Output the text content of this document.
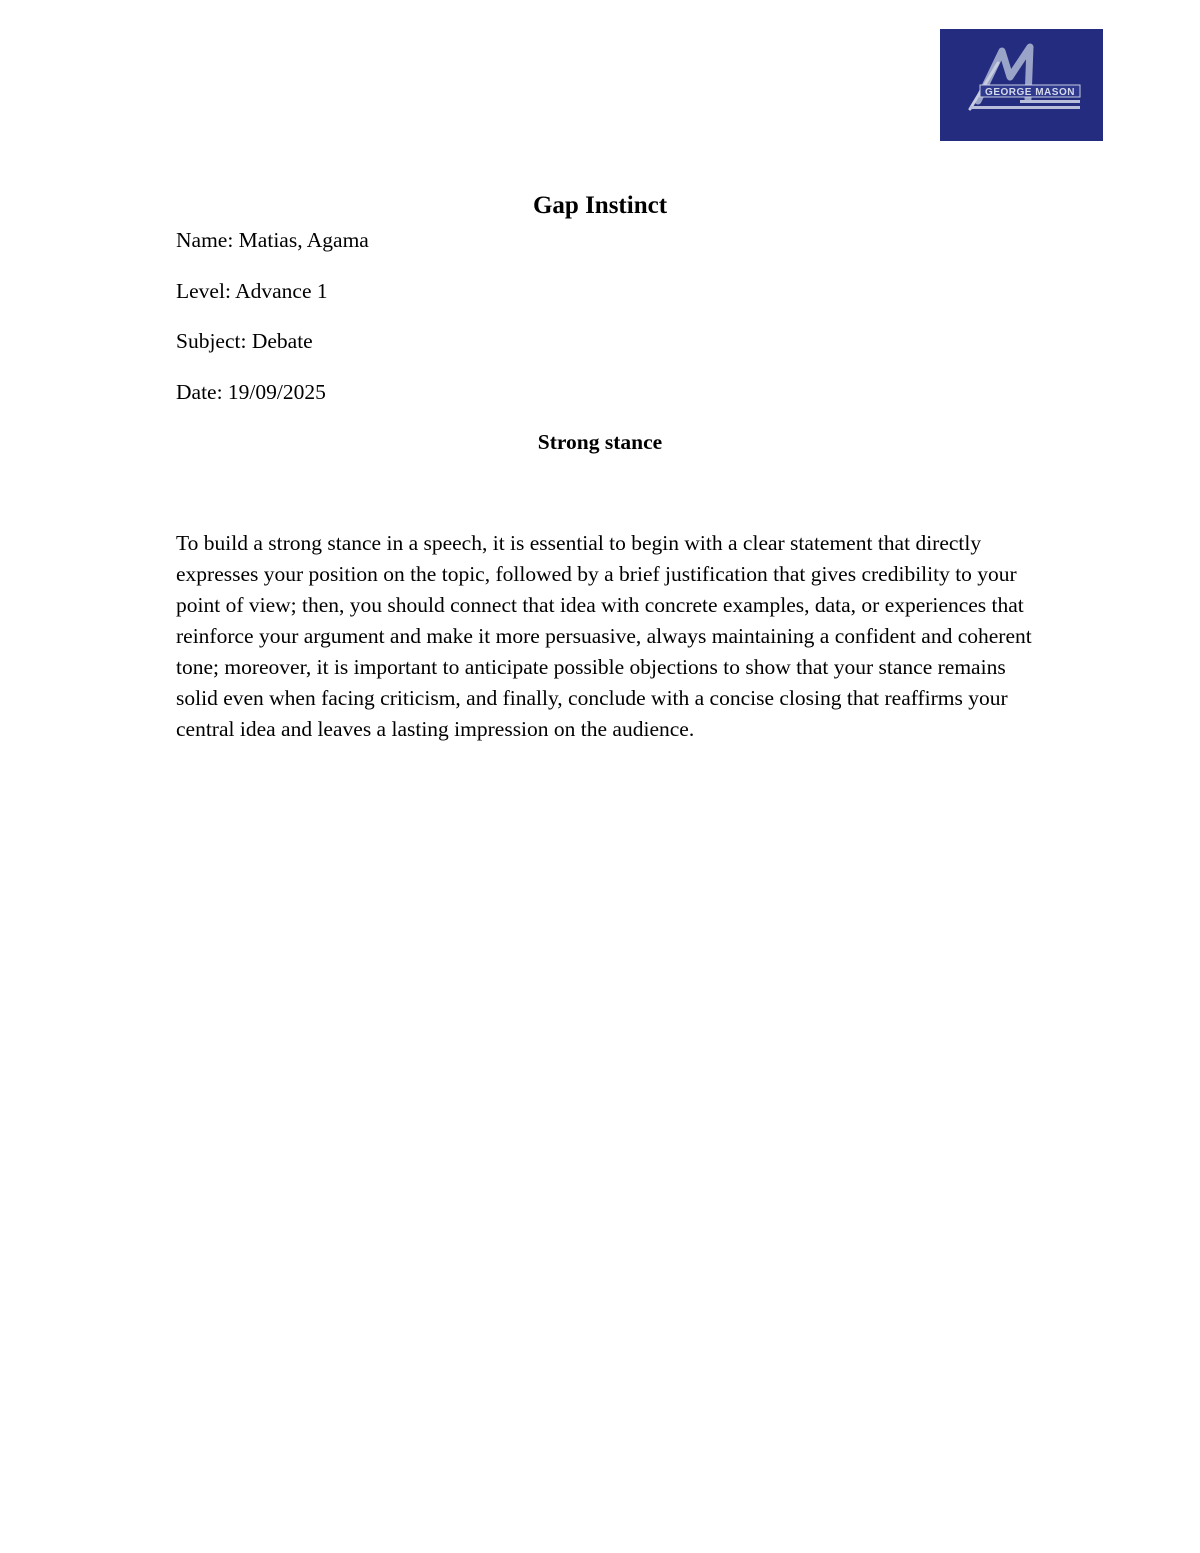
GEORGE MASON
Gap Instinct

Name: Matias, Agama

Level: Advance 1

Subject: Debate

Date: 19/09/2025

Strong stance

To build a strong stance in a speech, it is essential to begin with a clear statement that directly expresses your position on the topic, followed by a brief justification that gives credibility to your point of view; then, you should connect that idea with concrete examples, data, or experiences that reinforce your argument and make it more persuasive, always maintaining a confident and coherent tone; moreover, it is important to anticipate possible objections to show that your stance remains solid even when facing criticism, and finally, conclude with a concise closing that reaffirms your central idea and leaves a lasting impression on the audience.
